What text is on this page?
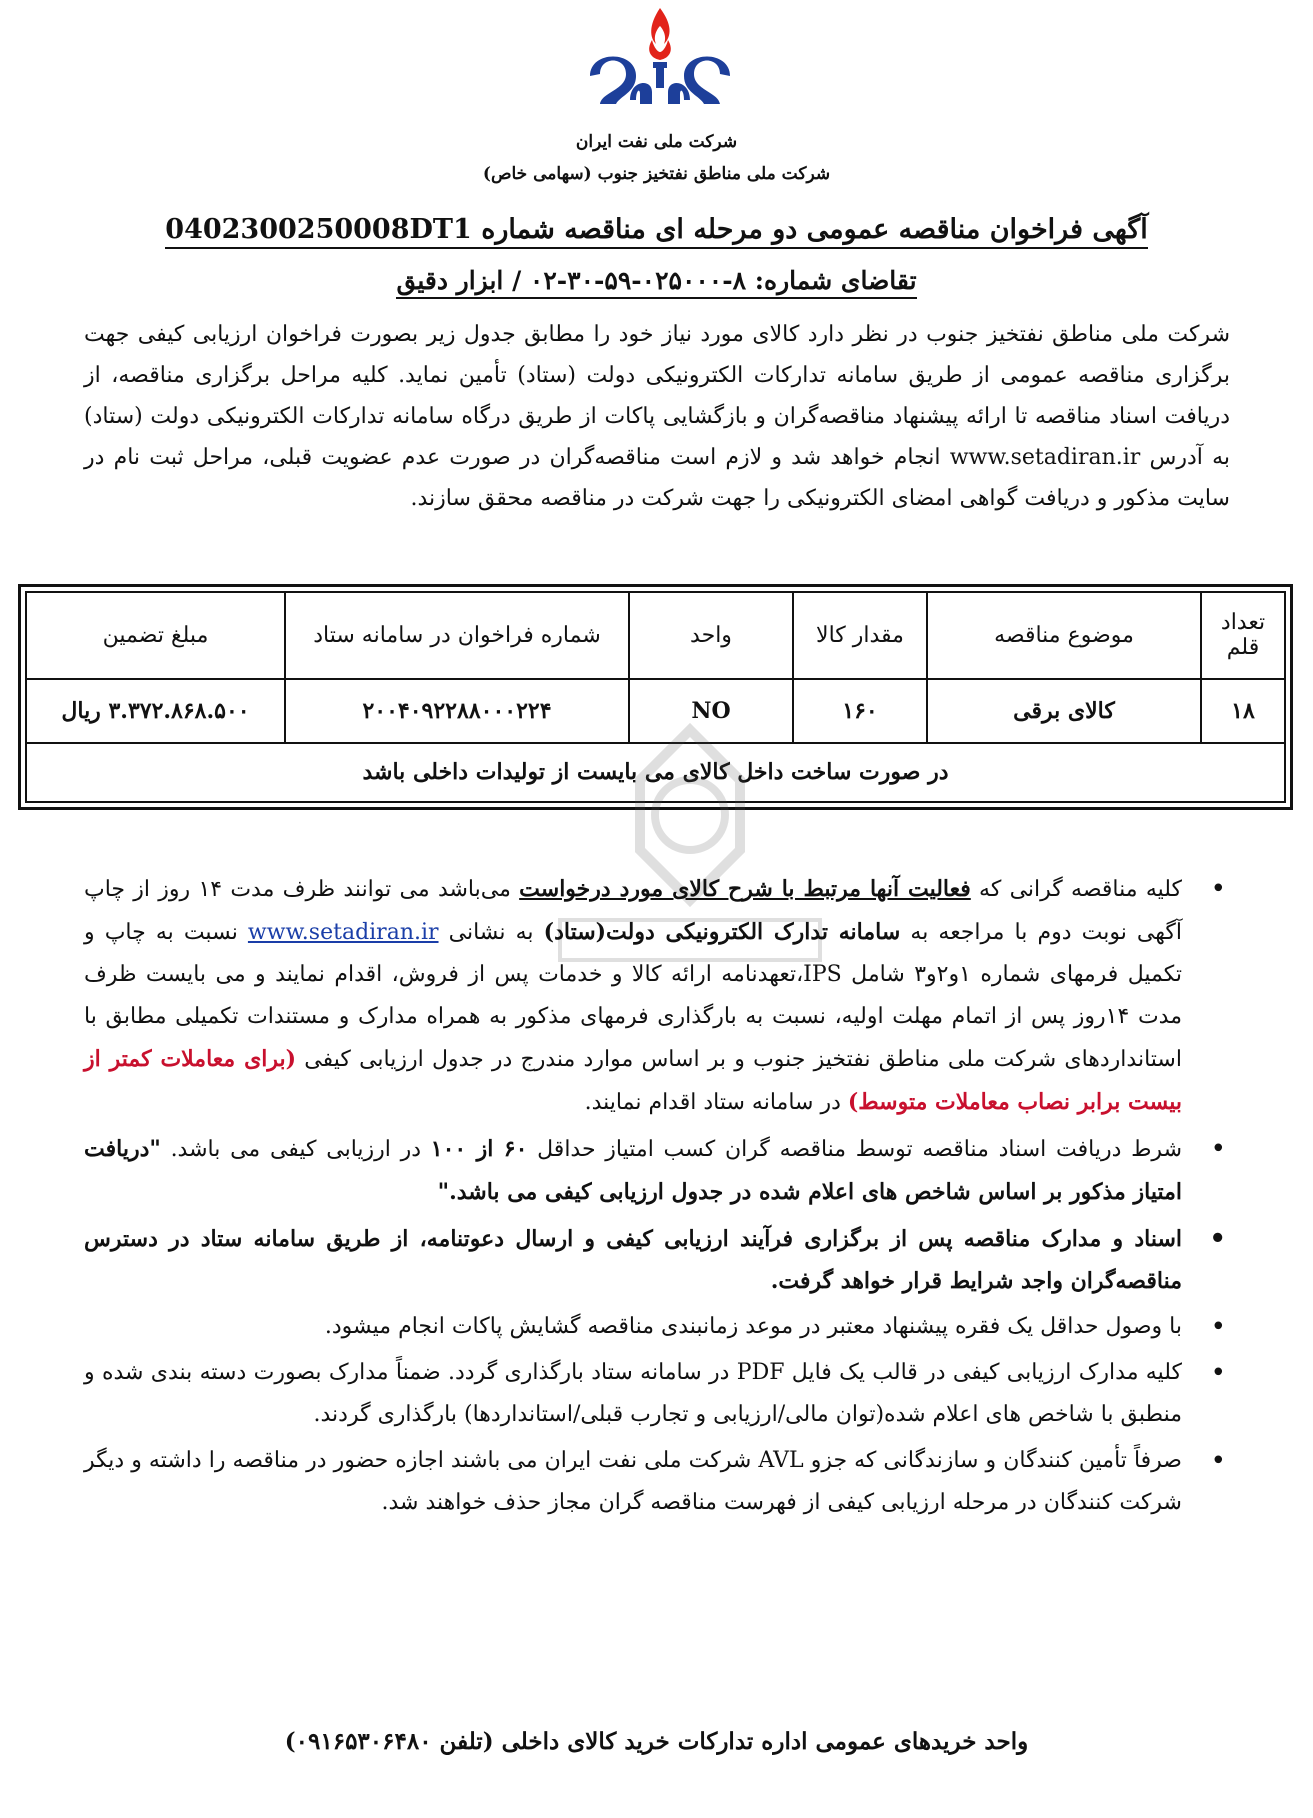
شرکت ملی نفت ایران
شرکت ملی مناطق نفتخیز جنوب (سهامی خاص)
آگهی فراخوان مناقصه عمومی دو مرحله ای مناقصه شماره 0402300250008DT1
تقاضای شماره: ۸-۰۲۵۰۰۰-۵۹-۳۰-۰۲ / ابزار دقیق
شرکت ملی مناطق نفتخیز جنوب در نظر دارد کالای مورد نیاز خود را مطابق جدول زیر بصورت فراخوان ارزیابی کیفی جهت برگزاری مناقصه عمومی از طریق سامانه تدارکات الکترونیکی دولت (ستاد) تأمین نماید. کلیه مراحل برگزاری مناقصه، از دریافت اسناد مناقصه تا ارائه پیشنهاد مناقصه‌گران و بازگشایی پاکات از طریق درگاه سامانه تدارکات الکترونیکی دولت (ستاد) به آدرس www.setadiran.ir انجام خواهد شد و لازم است مناقصه‌گران در صورت عدم عضویت قبلی، مراحل ثبت نام در سایت مذکور و دریافت گواهی امضای الکترونیکی را جهت شرکت در مناقصه محقق سازند.
تعداد قلم	موضوع مناقصه	مقدار کالا	واحد	شماره فراخوان در سامانه ستاد	مبلغ تضمین
۱۸	کالای برقی	۱۶۰	NO	۲۰۰۴۰۹۲۲۸۸۰۰۰۲۲۴	۳.۳۷۲.۸۶۸.۵۰۰ ریال
در صورت ساخت داخل کالای می بایست از تولیدات داخلی باشد					
• کلیه مناقصه گرانی که فعالیت آنها مرتبط با شرح کالای مورد درخواست می‌باشد می توانند ظرف مدت ۱۴ روز از چاپ آگهی نوبت دوم با مراجعه به سامانه تدارک الکترونیکی دولت(ستاد) به نشانی www.setadiran.ir نسبت به چاپ و تکمیل فرمهای شماره ۱و۲و۳ شامل IPS،تعهدنامه ارائه کالا و خدمات پس از فروش، اقدام نمایند و می بایست ظرف مدت ۱۴روز پس از اتمام مهلت اولیه، نسبت به بارگذاری فرمهای مذکور به همراه مدارک و مستندات تکمیلی مطابق با استانداردهای شرکت ملی مناطق نفتخیز جنوب و بر اساس موارد مندرج در جدول ارزیابی کیفی (برای معاملات کمتر از بیست برابر نصاب معاملات متوسط) در سامانه ستاد اقدام نمایند.
• شرط دریافت اسناد مناقصه توسط مناقصه گران کسب امتیاز حداقل ۶۰ از ۱۰۰ در ارزیابی کیفی می باشد. "دریافت امتیاز مذکور بر اساس شاخص های اعلام شده در جدول ارزیابی کیفی می باشد."
• اسناد و مدارک مناقصه پس از برگزاری فرآیند ارزیابی کیفی و ارسال دعوتنامه، از طریق سامانه ستاد در دسترس مناقصه‌گران واجد شرایط قرار خواهد گرفت.
• با وصول حداقل یک فقره پیشنهاد معتبر در موعد زمانبندی مناقصه گشایش پاکات انجام میشود.
• کلیه مدارک ارزیابی کیفی در قالب یک فایل PDF در سامانه ستاد بارگذاری گردد. ضمناً مدارک بصورت دسته بندی شده و منطبق با شاخص های اعلام شده(توان مالی/ارزیابی و تجارب قبلی/استانداردها) بارگذاری گردند.
• صرفاً تأمین کنندگان و سازندگانی که جزو AVL شرکت ملی نفت ایران می باشند اجازه حضور در مناقصه را داشته و دیگر شرکت کنندگان در مرحله ارزیابی کیفی از فهرست مناقصه گران مجاز حذف خواهند شد.
واحد خریدهای عمومی اداره تدارکات خرید کالای داخلی (تلفن ۰۹۱۶۵۳۰۶۴۸۰)
